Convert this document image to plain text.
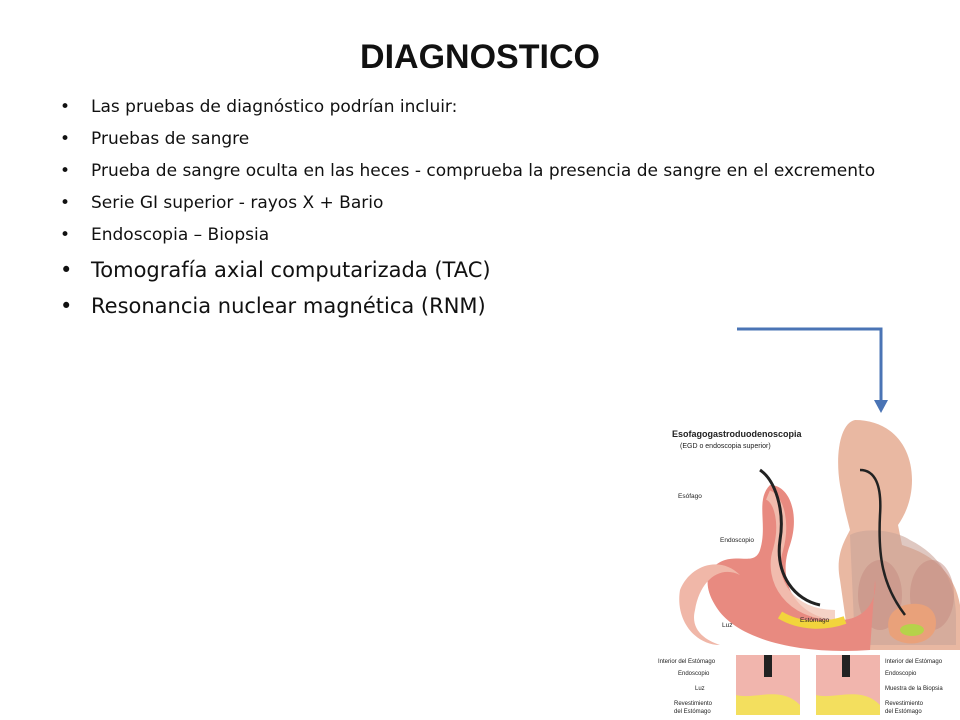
DIAGNOSTICO
• Las pruebas de diagnóstico podrían incluir:
• Pruebas de sangre
• Prueba de sangre oculta en las heces - comprueba la presencia de sangre en el excremento
• Serie GI superior - rayos X + Bario
• Endoscopia – Biopsia
• Tomografía axial computarizada (TAC)
• Resonancia nuclear magnética (RNM)
Esofagogastroduodenoscopia
(EGD o endoscopia superior)
Esófago
Endoscopio
Luz
Estómago
Interior del Estómago
Endoscopio
Luz
Revestimiento
del Estómago
Interior del Estómago
Endoscopio
Muestra de la Biopsia
Revestimiento
del Estómago
